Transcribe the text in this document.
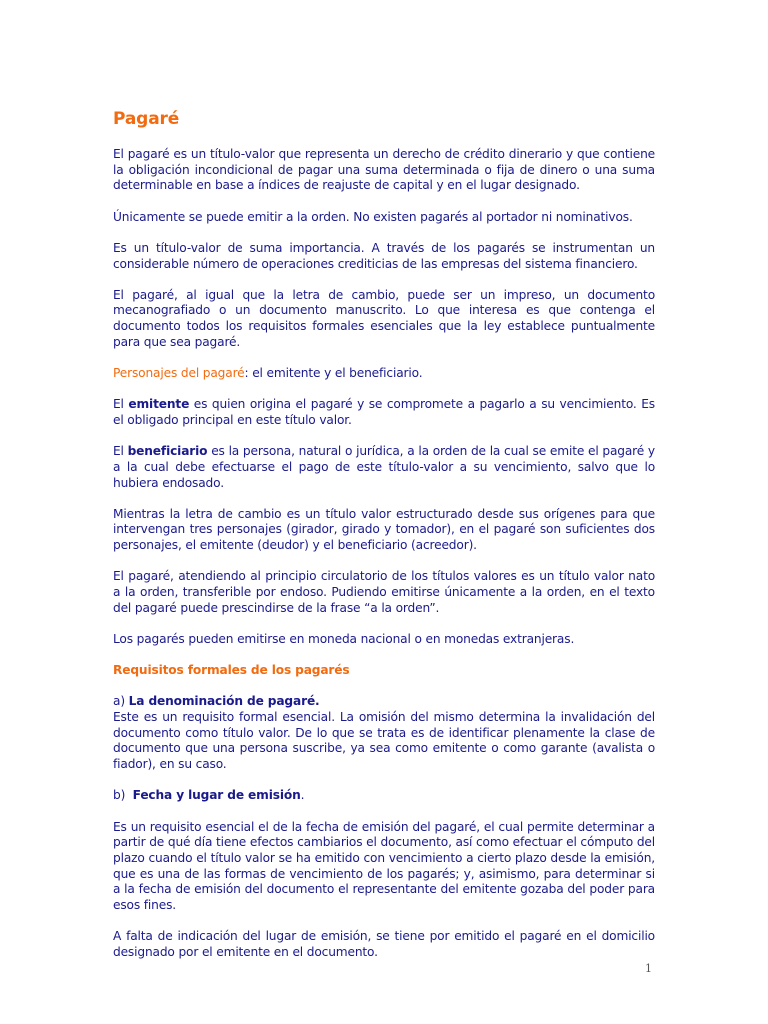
Pagaré

El pagaré es un título-valor que representa un derecho de crédito dinerario y que contiene la obligación incondicional de pagar una suma determinada o fija de dinero o una suma determinable en base a índices de reajuste de capital y en el lugar designado.

Únicamente se puede emitir a la orden. No existen pagarés al portador ni nominativos.

Es un título-valor de suma importancia. A través de los pagarés se instrumentan un considerable número de operaciones crediticias de las empresas del sistema financiero.

El pagaré, al igual que la letra de cambio, puede ser un impreso, un documento mecanografiado o un documento manuscrito. Lo que interesa es que contenga el documento todos los requisitos formales esenciales que la ley establece puntualmente para que sea pagaré.

Personajes del pagaré: el emitente y el beneficiario.

El emitente es quien origina el pagaré y se compromete a pagarlo a su vencimiento. Es el obligado principal en este título valor.

El beneficiario es la persona, natural o jurídica, a la orden de la cual se emite el pagaré y a la cual debe efectuarse el pago de este título-valor a su vencimiento, salvo que lo hubiera endosado.

Mientras la letra de cambio es un título valor estructurado desde sus orígenes para que intervengan tres personajes (girador, girado y tomador), en el pagaré son suficientes dos personajes, el emitente (deudor) y el beneficiario (acreedor).

El pagaré, atendiendo al principio circulatorio de los títulos valores es un título valor nato a la orden, transferible por endoso. Pudiendo emitirse únicamente a la orden, en el texto del pagaré puede prescindirse de la frase “a la orden”.

Los pagarés pueden emitirse en moneda nacional o en monedas extranjeras.

Requisitos formales de los pagarés

a) La denominación de pagaré.
Este es un requisito formal esencial. La omisión del mismo determina la invalidación del documento como título valor. De lo que se trata es de identificar plenamente la clase de documento que una persona suscribe, ya sea como emitente o como garante (avalista o fiador), en su caso.

b)  Fecha y lugar de emisión.

Es un requisito esencial el de la fecha de emisión del pagaré, el cual permite determinar a partir de qué día tiene efectos cambiarios el documento, así como efectuar el cómputo del plazo cuando el título valor se ha emitido con vencimiento a cierto plazo desde la emisión, que es una de las formas de vencimiento de los pagarés; y, asimismo, para determinar si a la fecha de emisión del documento el representante del emitente gozaba del poder para esos fines.

A falta de indicación del lugar de emisión, se tiene por emitido el pagaré en el domicilio designado por el emitente en el documento.

1
